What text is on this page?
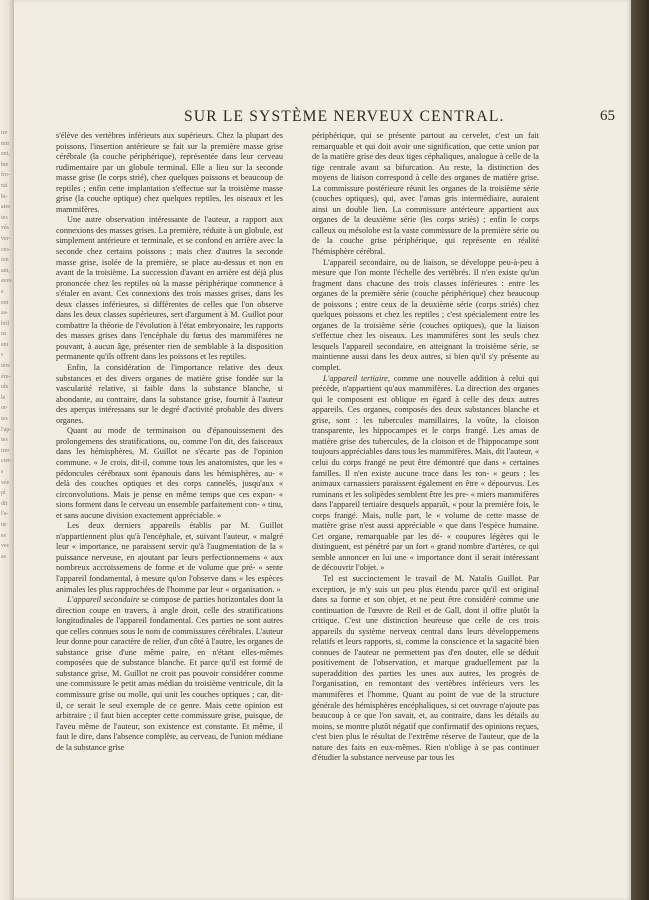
tre
mir
ent,
bte
fro-
rai
bi-
aies
tes
vés
ver-
ces-
ion
ant,
aves
e
ent
sa-
bril
ns
ent
c
ière
éru-
ule
le
or-
ies
l'ap-
ies
irer
cier-
s
vée
pl
dit
l'a-
ue
es
vec
as
SUR LE SYSTÈME NERVEUX CENTRAL.	65

s'élève des vertèbres inférieurs aux supérieurs. Chez la plupart des poissons, l'insertion antérieure se fait sur la première masse grise cérébrale (la couche périphérique), représentée dans leur cerveau rudimentaire par un globule terminal. Elle a lieu sur la seconde masse grise (le corps strié), chez quelques poissons et beaucoup de reptiles ; enfin cette implantation s'effectue sur la troisième masse grise (la couche optique) chez quelques reptiles, les oiseaux et les mammifères.

Une autre observation intéressante de l'auteur, a rapport aux connexions des masses grises. La première, réduite à un globule, est simplement antérieure et terminale, et se confond en arrière avec la seconde chez certains poissons ; mais chez d'autres la seconde masse grise, isolée de la première, se place au-dessus et non en avant de la troisième. La succession d'avant en arrière est déjà plus prononcée chez les reptiles où la masse périphérique commence à s'étaler en avant. Ces connexions des trois masses grises, dans les deux classes inférieures, si différentes de celles que l'on observe dans les deux classes supérieures, sert d'argument à M. Guillot pour combattre la théorie de l'évolution à l'état embryonaire, les rapports des masses grises dans l'encéphale du fœtus des mammifères ne pouvant, à aucun âge, présenter rien de semblable à la disposition permanente qu'ils offrent dans les poissons et les reptiles.

Enfin, la considération de l'importance relative des deux substances et des divers organes de matière grise fondée sur la vascularité relative, si faible dans la substance blanche, si abondante, au contraire, dans la substance grise, fournit à l'auteur des aperçus intéressans sur le degré d'activité probable des divers organes.

Quant au mode de terminaison ou d'épanouissement des prolongemens des stratifications, ou, comme l'on dit, des faisceaux dans les hémisphères, M. Guillot ne s'écarte pas de l'opinion commune. « Je crois, dit-il, comme tous les anatomistes, que les « pédoncules cérébraux sont épanouis dans les hémisphères, au- « delà des couches optiques et des corps cannelés, jusqu'aux « circonvolutions. Mais je pense en même temps que ces expan- « sions forment dans le cerveau un ensemble parfaitement con- « tinu, et sans aucune division exactement appréciable. »

Les deux derniers appareils établis par M. Guillot n'appartiennent plus qu'à l'encéphale, et, suivant l'auteur, « malgré leur « importance, ne paraissent servir qu'à l'augmentation de la « puissance nerveuse, en ajoutant par leurs perfectionnemens « aux nombreux accroissemens de forme et de volume que pré- « sente l'appareil fondamental, à mesure qu'on l'observe dans « les espèces animales les plus rapprochées de l'homme par leur « organisation. »

L'appareil secondaire se compose de parties horizontales dont la direction coupe en travers, à angle droit, celle des stratifications longitudinales de l'appareil fondamental. Ces parties ne sont autres que celles connues sous le nom de commissures cérébrales. L'auteur leur donne pour caractère de relier, d'un côté à l'autre, les organes de substance grise d'une même paire, en n'étant elles-mêmes composées que de substance blanche. Et parce qu'il est formé de substance grise, M. Guillot ne croit pas pouvoir considérer comme une commissure le petit amas médian du troisième ventricule, dit la commissure grise ou molle, qui unit les couches optiques ; car, dit-il, ce serait le seul exemple de ce genre. Mais cette opinion est arbitraire ; il faut bien accepter cette commissure grise, puisque, de l'aveu même de l'auteur, son existence est constante. Et même, il faut le dire, dans l'absence complète, au cerveau, de l'union médiane de la substance grise

périphérique, qui se présente partout au cervelet, c'est un fait remarquable et qui doit avoir une signification, que cette union par de la matière grise des deux tiges céphaliques, analogue à celle de la tige centrale avant sa bifurcation. Au reste, la distinction des moyens de liaison correspond à celle des organes de matière grise. La commissure postérieure réunit les organes de la troisième série (couches optiques), qui, avec l'amas gris intermédiaire, auraient ainsi un double lien. La commissure antérieure appartient aux organes de la deuxième série (les corps striés) ; enfin le corps calleux ou mésolobe est la vaste commissure de la première série ou de la couche grise périphérique, qui représente en réalité l'hémisphère cérébral.

L'appareil secondaire, ou de liaison, se développe peu-à-peu à mesure que l'on monte l'échelle des vertèbrés. Il n'en existe qu'un fragment dans chacune des trois classes inférieures : entre les organes de la première série (couche périphérique) chez beaucoup de poissons ; entre ceux de la deuxième série (corps striés) chez quelques poissons et chez les reptiles ; c'est spécialement entre les organes de la troisième série (couches optiques), que la liaison s'effectue chez les oiseaux. Les mammifères sont les seuls chez lesquels l'appareil secondaire, en atteignant la troisième série, se maintienne aussi dans les deux autres, si bien qu'il s'y présente au complet.

L'appareil tertiaire, comme une nouvelle addition à celui qui précède, n'appartient qu'aux mammifères. La direction des organes qui le composent est oblique en égard à celle des deux autres appareils. Ces organes, composés des deux substances blanche et grise, sont : les tubercules mamillaires, la voûte, la cloison transparente, les hippocampes et le corps frangé. Les amas de matière grise des tubercules, de la cloison et de l'hippocampe sont toujours appréciables dans tous les mammifères. Mais, dit l'auteur, « celui du corps frangé ne peut être démontré que dans « certaines familles. Il n'en existe aucune trace dans les ron- « geurs : les animaux carnassiers paraissent également en être « dépourvus. Les ruminans et les solipèdes semblent être les pre- « miers mammifères dans l'appareil tertiaire desquels apparaît, « pour la première fois, le corps frangé. Mais, nulle part, le « volume de cette masse de matière grise n'est aussi appréciable « que dans l'espèce humaine. Cet organe, remarquable par les dé- « coupures légères qui le distinguent, est pénétré par un fort « grand nombre d'artères, ce qui semble annoncer en lui une « importance dont il serait intéressant de découvrir l'objet. »

Tel est succinctement le travail de M. Natalis Guillot. Par exception, je m'y suis un peu plus étendu parce qu'il est original dans sa forme et son objet, et ne peut être considéré comme une continuation de l'œuvre de Reil et de Gall, dont il offre plutôt la critique. C'est une distinction heureuse que celle de ces trois appareils du système nerveux central dans leurs développemens relatifs et leurs rapports, si, comme la conscience et la sagacité bien connues de l'auteur ne permettent pas d'en douter, elle se déduit positivement de l'observation, et marque graduellement par la superaddition des parties les unes aux autres, les progrès de l'organisation, en remontant des vertèbres inférieurs vers les mammifères et l'homme. Quant au point de vue de la structure générale des hémisphères encéphaliques, si cet ouvrage n'ajoute pas beaucoup à ce que l'on savait, et, au contraire, dans les détails au moins, se montre plutôt négatif que confirmatif des opinions reçues, c'est bien plus le résultat de l'extrême réserve de l'auteur, que de la nature des faits en eux-mêmes. Rien n'oblige à se pas continuer d'étudier la substance nerveuse par tous les
